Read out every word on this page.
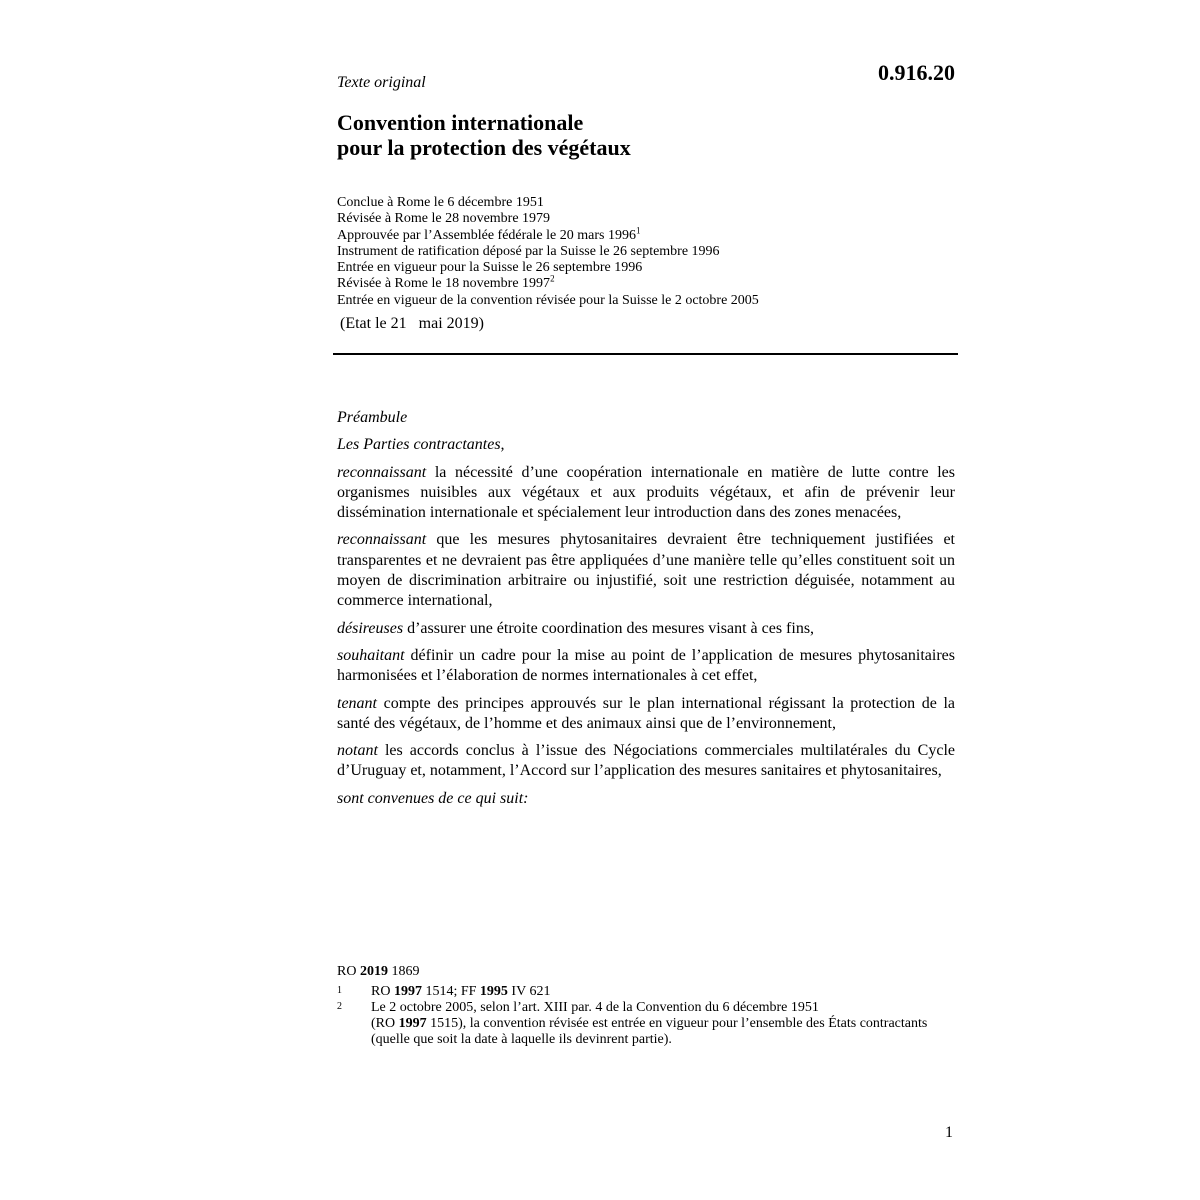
Texte original	0.916.20
Convention internationale
pour la protection des végétaux
Conclue à Rome le 6 décembre 1951
Révisée à Rome le 28 novembre 1979
Approuvée par l’Assemblée fédérale le 20 mars 1996$^1$
Instrument de ratification déposé par la Suisse le 26 septembre 1996
Entrée en vigueur pour la Suisse le 26 septembre 1996
Révisée à Rome le 18 novembre 1997$^2$
Entrée en vigueur de la convention révisée pour la Suisse le 2 octobre 2005
(Etat le 21   mai 2019)

Préambule

Les Parties contractantes,

reconnaissant la nécessité d’une coopération internationale en matière de lutte contre les organismes nuisibles aux végétaux et aux produits végétaux, et afin de prévenir leur dissémination internationale et spécialement leur introduction dans des zones menacées,

reconnaissant que les mesures phytosanitaires devraient être techniquement justifiées et transparentes et ne devraient pas être appliquées d’une manière telle qu’elles constituent soit un moyen de discrimination arbitraire ou injustifié, soit une restriction déguisée, notamment au commerce international,

désireuses d’assurer une étroite coordination des mesures visant à ces fins,

souhaitant définir un cadre pour la mise au point de l’application de mesures phytosanitaires harmonisées et l’élaboration de normes internationales à cet effet,

tenant compte des principes approuvés sur le plan international régissant la protection de la santé des végétaux, de l’homme et des animaux ainsi que de l’environnement,

notant les accords conclus à l’issue des Négociations commerciales multilatérales du Cycle d’Uruguay et, notamment, l’Accord sur l’application des mesures sanitaires et phytosanitaires,

sont convenues de ce qui suit:

RO 2019 1869
1	RO 1997 1514; FF 1995 IV 621
2	Le 2 octobre 2005, selon l’art. XIII par. 4 de la Convention du 6 décembre 1951
(RO 1997 1515), la convention révisée est entrée en vigueur pour l’ensemble des États contractants (quelle que soit la date à laquelle ils devinrent partie).
1
